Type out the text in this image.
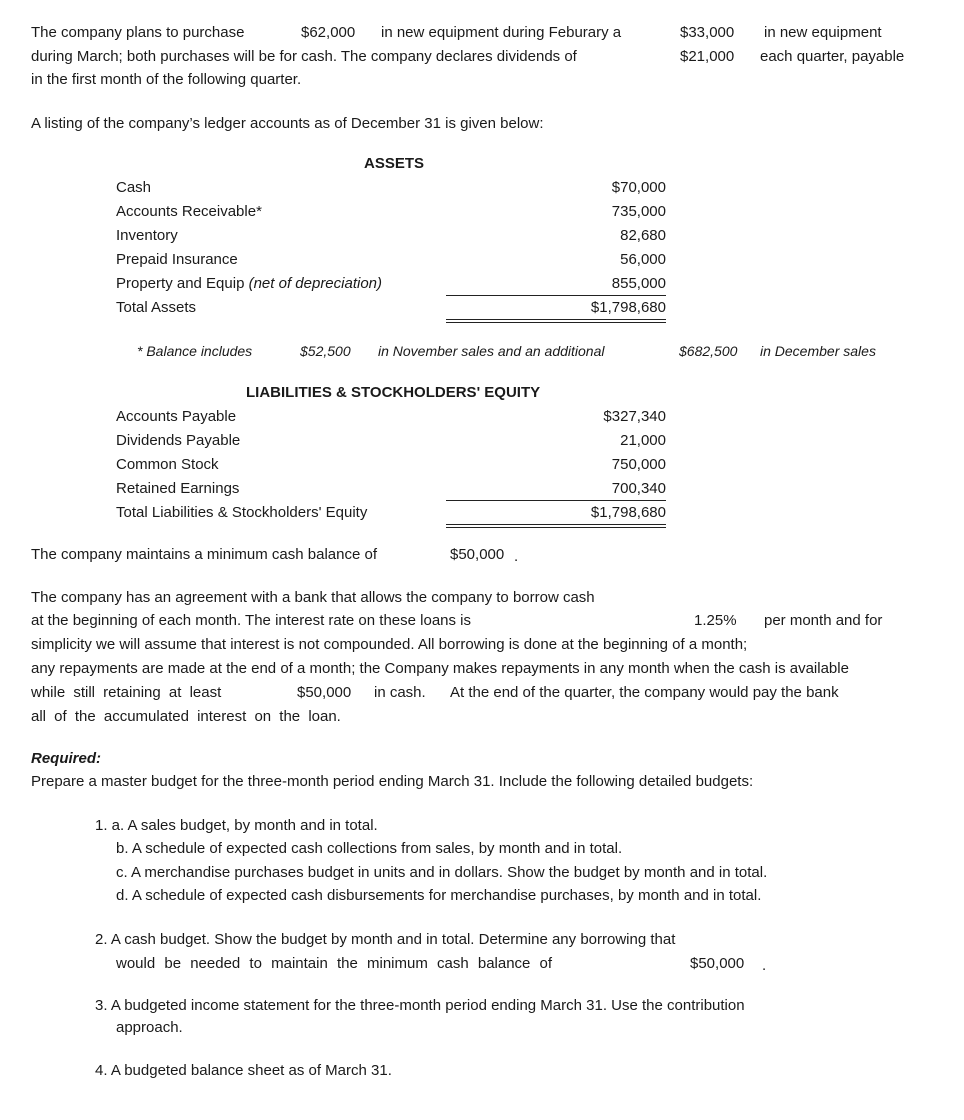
The company plans to purchase	$62,000 in new equipment during Feburary a	$33,000 in new equipment
during March; both purchases will be for cash. The company declares dividends of	$21,000 each quarter, payable
in the first month of the following quarter.
A listing of the company’s ledger accounts as of December 31 is given below:
ASSETS
Cash	$70,000
Accounts Receivable*	735,000
Inventory	82,680
Prepaid Insurance	56,000
Property and Equip (net of depreciation)	855,000
Total Assets	$1,798,680
* Balance includes	$52,500 in November sales and an additional	$682,500 in December sales
LIABILITIES & STOCKHOLDERS' EQUITY
Accounts Payable	$327,340
Dividends Payable	21,000
Common Stock	750,000
Retained Earnings	700,340
Total Liabilities & Stockholders' Equity	$1,798,680
The company maintains a minimum cash balance of	$50,000 .
The company has an agreement with a bank that allows the company to borrow cash
at the beginning of each month. The interest rate on these loans is	1.25% per month and for
simplicity we will assume that interest is not compounded. All borrowing is done at the beginning of a month;
any repayments are made at the end of a month; the Company makes repayments in any month when the cash is available
while still retaining at least	$50,000 in cash. At the end of the quarter, the company would pay the bank
all of the accumulated interest on the loan.
Required:
Prepare a master budget for the three-month period ending March 31. Include the following detailed budgets:
1. a. A sales budget, by month and in total.
b. A schedule of expected cash collections from sales, by month and in total.
c. A merchandise purchases budget in units and in dollars. Show the budget by month and in total.
d. A schedule of expected cash disbursements for merchandise purchases, by month and in total.
2. A cash budget. Show the budget by month and in total. Determine any borrowing that
would be needed to maintain the minimum cash balance of	$50,000 .
3. A budgeted income statement for the three-month period ending March 31. Use the contribution
approach.
4. A budgeted balance sheet as of March 31.
